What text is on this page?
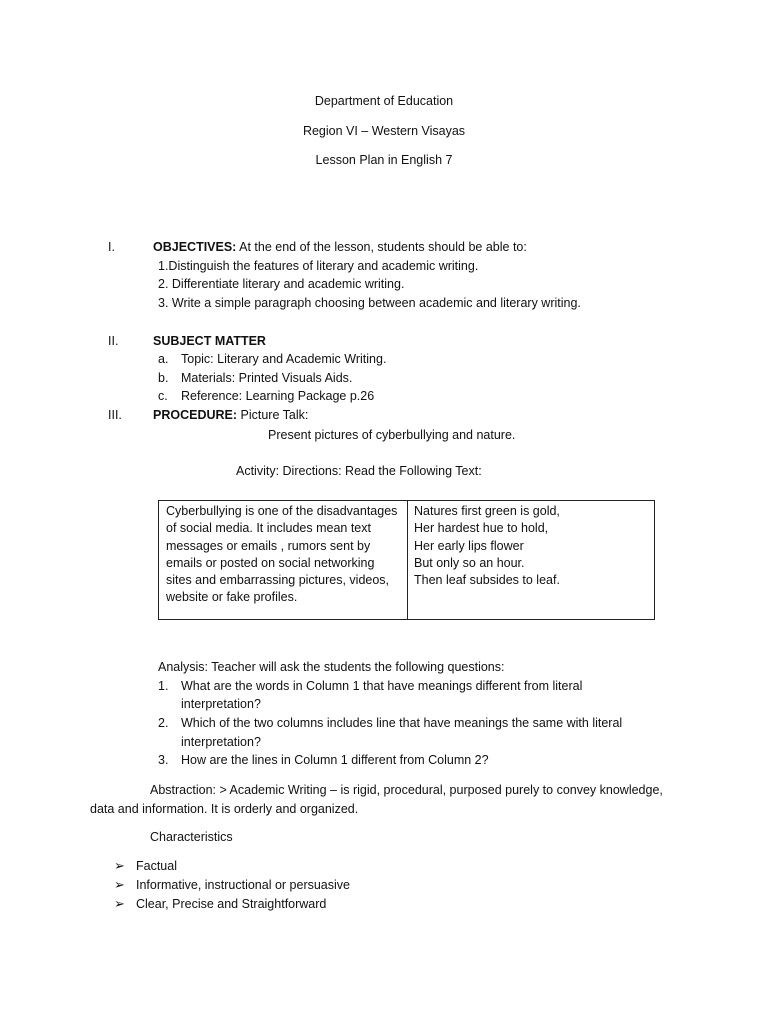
Department of Education
Region VI – Western Visayas
Lesson Plan in English 7
I.	OBJECTIVES: At the end of the lesson, students should be able to:
1.Distinguish the features of literary and academic writing.
2. Differentiate literary and academic writing.
3. Write a simple paragraph choosing between academic and literary writing.
II.	SUBJECT MATTER
a. Topic: Literary and Academic Writing.
b. Materials: Printed Visuals Aids.
c. Reference: Learning Package p.26
III. PROCEDURE: Picture Talk:
Present pictures of cyberbullying and nature.
Activity: Directions: Read the Following Text:
Cyberbullying is one of the disadvantages
of social media. It includes mean text
messages or emails , rumors sent by
emails or posted on social networking
sites and embarrassing pictures, videos,
website or fake profiles.
Natures first green is gold,
Her hardest hue to hold,
Her early lips flower
But only so an hour.
Then leaf subsides to leaf.
Analysis: Teacher will ask the students the following questions:
1. What are the words in Column 1 that have meanings different from literal
interpretation?
2. Which of the two columns includes line that have meanings the same with literal
interpretation?
3. How are the lines in Column 1 different from Column 2?
Abstraction: > Academic Writing – is rigid, procedural, purposed purely to convey knowledge,
data and information. It is orderly and organized.
Characteristics
➢ Factual
➢ Informative, instructional or persuasive
➢ Clear, Precise and Straightforward
